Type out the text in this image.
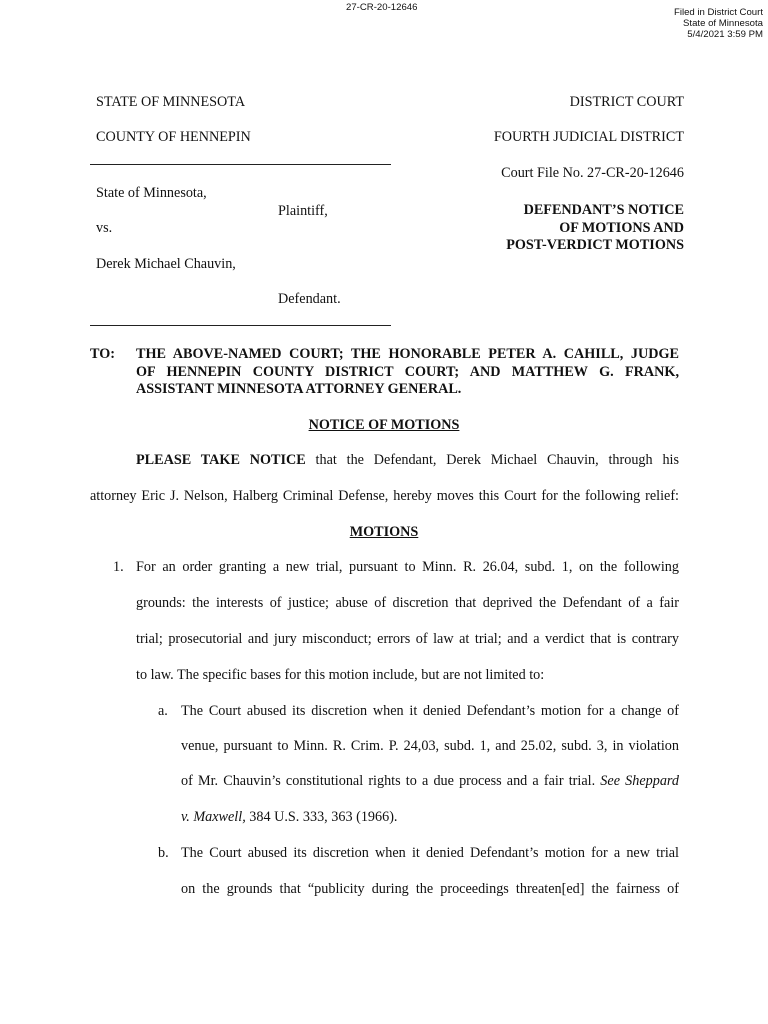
27-CR-20-12646	Filed in District Court
State of Minnesota
5/4/2021 3:59 PM
STATE OF MINNESOTA
COUNTY OF HENNEPIN
State of Minnesota,
Plaintiff,
vs.
Derek Michael Chauvin,
Defendant.
DISTRICT COURT
FOURTH JUDICIAL DISTRICT
Court File No. 27-CR-20-12646
DEFENDANT’S NOTICE
OF MOTIONS AND
POST-VERDICT MOTIONS
TO: THE ABOVE-NAMED COURT; THE HONORABLE PETER A. CAHILL, JUDGE
OF HENNEPIN COUNTY DISTRICT COURT; AND MATTHEW G. FRANK,
ASSISTANT MINNESOTA ATTORNEY GENERAL.
NOTICE OF MOTIONS
PLEASE TAKE NOTICE that the Defendant, Derek Michael Chauvin, through his
attorney Eric J. Nelson, Halberg Criminal Defense, hereby moves this Court for the following relief:
MOTIONS
1. For an order granting a new trial, pursuant to Minn. R. 26.04, subd. 1, on the following
grounds: the interests of justice; abuse of discretion that deprived the Defendant of a fair
trial; prosecutorial and jury misconduct; errors of law at trial; and a verdict that is contrary
to law. The specific bases for this motion include, but are not limited to:
a. The Court abused its discretion when it denied Defendant’s motion for a change of
venue, pursuant to Minn. R. Crim. P. 24,03, subd. 1, and 25.02, subd. 3, in violation
of Mr. Chauvin’s constitutional rights to a due process and a fair trial. See Sheppard
v. Maxwell, 384 U.S. 333, 363 (1966).
b. The Court abused its discretion when it denied Defendant’s motion for a new trial
on the grounds that “publicity during the proceedings threaten[ed] the fairness of
